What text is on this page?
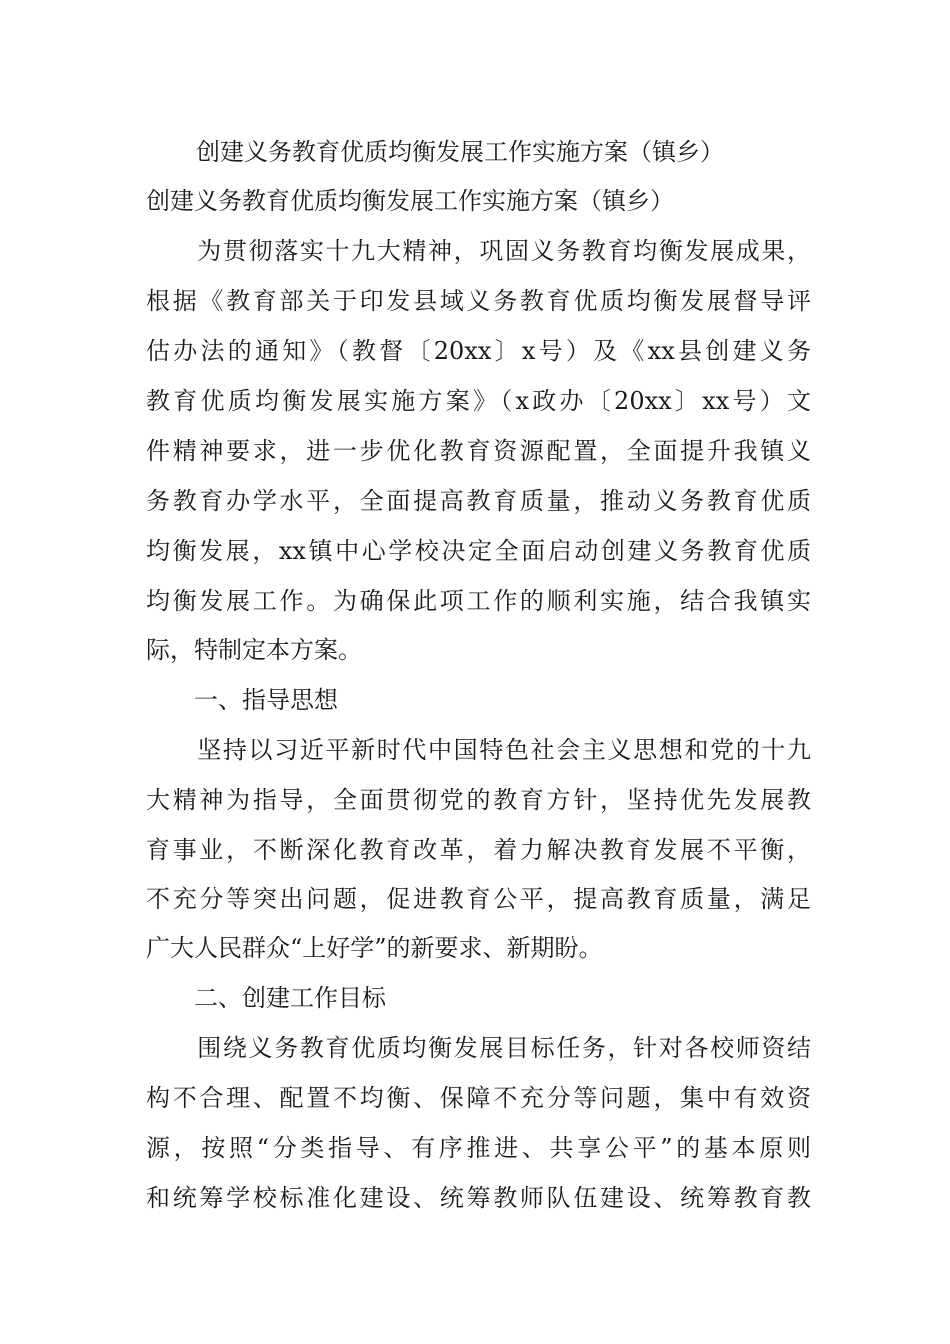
创建义务教育优质均衡发展工作实施方案（镇乡）
创建义务教育优质均衡发展工作实施方案（镇乡）
　　为贯彻落实十九大精神，巩固义务教育均衡发展成果，
根据《教育部关于印发县域义务教育优质均衡发展督导评
估办法的通知》（教督〔20xx〕x号）及《xx县创建义务
教育优质均衡发展实施方案》（x政办〔20xx〕xx号）文
件精神要求，进一步优化教育资源配置，全面提升我镇义
务教育办学水平，全面提高教育质量，推动义务教育优质
均衡发展，xx镇中心学校决定全面启动创建义务教育优质
均衡发展工作。为确保此项工作的顺利实施，结合我镇实
际，特制定本方案。
　　一、指导思想
　　坚持以习近平新时代中国特色社会主义思想和党的十九
大精神为指导，全面贯彻党的教育方针，坚持优先发展教
育事业，不断深化教育改革，着力解决教育发展不平衡，
不充分等突出问题，促进教育公平，提高教育质量，满足
广大人民群众“上好学”的新要求、新期盼。
　　二、创建工作目标
　　围绕义务教育优质均衡发展目标任务，针对各校师资结
构不合理、配置不均衡、保障不充分等问题，集中有效资
源，按照“分类指导、有序推进、共享公平”的基本原则
和统筹学校标准化建设、统筹教师队伍建设、统筹教育教
